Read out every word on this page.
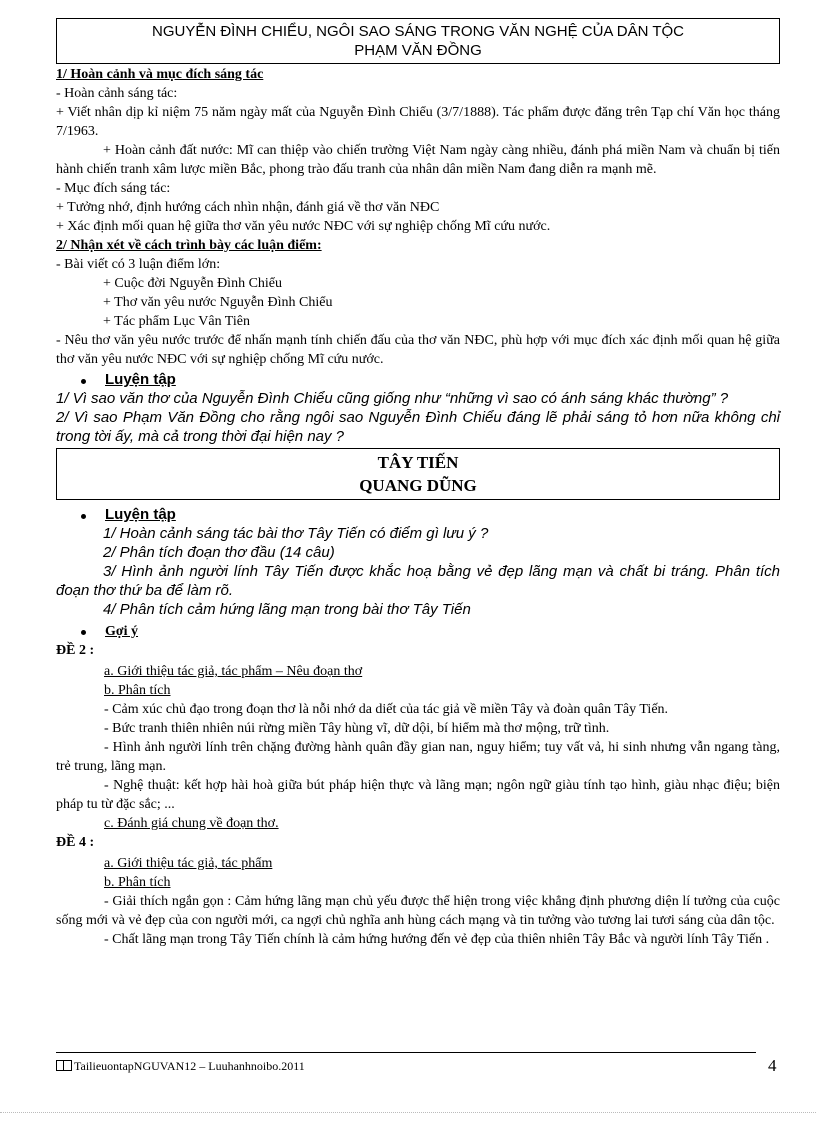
NGUYỄN ĐÌNH CHIỂU, NGÔI SAO SÁNG TRONG VĂN NGHỆ CỦA DÂN TỘC
PHẠM VĂN ĐỒNG
1/ Hoàn cảnh và mục đích sáng tác
- Hoàn cảnh sáng tác:
+ Viết nhân dịp kỉ niệm 75 năm ngày mất của Nguyễn Đình Chiểu (3/7/1888). Tác phẩm được đăng trên Tạp chí Văn học tháng 7/1963.
+ Hoàn cảnh đất nước: Mĩ can thiệp vào chiến trường Việt Nam ngày càng nhiều, đánh phá miền Nam và chuẩn bị tiến hành chiến tranh xâm lược miền Bắc, phong trào đấu tranh của nhân dân miền Nam đang diễn ra mạnh mẽ.
- Mục đích sáng tác:
+ Tưởng nhớ, định hướng cách nhìn nhận, đánh giá về thơ văn NĐC
+ Xác định mối quan hệ giữa thơ văn yêu nước NĐC với sự nghiệp chống Mĩ cứu nước.
2/ Nhận xét về cách trình bày các luận điểm:
- Bài viết có 3 luận điểm lớn:
+ Cuộc đời Nguyễn Đình Chiểu
+ Thơ văn yêu nước Nguyễn Đình Chiểu
+ Tác phẩm Lục Vân Tiên
- Nêu thơ văn yêu nước trước để nhấn mạnh tính chiến đấu của thơ văn NĐC, phù hợp với mục đích xác định mối quan hệ giữa thơ văn yêu nước NĐC với sự nghiệp chống Mĩ cứu nước.
Luyện tập
1/ Vì sao văn thơ của Nguyễn Đình Chiểu cũng giống như “những vì sao có ánh sáng khác thường” ?
2/ Vì sao Phạm Văn Đồng cho rằng ngôi sao Nguyễn Đình Chiểu đáng lẽ phải sáng tỏ hơn nữa không chỉ trong tời ấy, mà cả trong thời đại hiện nay ?
TÂY TIẾN
QUANG DŨNG
Luyện tập
1/ Hoàn cảnh sáng tác bài thơ Tây Tiến có điểm gì lưu ý ?
2/ Phân tích đoạn thơ đầu (14 câu)
3/ Hình ảnh người lính Tây Tiến được khắc hoạ bằng vẻ đẹp lãng mạn và chất bi tráng. Phân tích đoạn thơ thứ ba để làm rõ.
4/ Phân tích cảm hứng lãng mạn trong bài thơ Tây Tiến
Gợi ý
ĐỀ 2 :
a. Giới thiệu tác giả, tác phẩm – Nêu đoạn thơ
b. Phân tích
- Cảm xúc chủ đạo trong đoạn thơ là nỗi nhớ da diết của tác giả về miền Tây và đoàn quân Tây Tiến.
- Bức tranh thiên nhiên núi rừng miền Tây hùng vĩ, dữ dội, bí hiểm mà thơ mộng, trữ tình.
- Hình ảnh người lính trên chặng đường hành quân đầy gian nan, nguy hiểm; tuy vất vả, hi sinh nhưng vẫn ngang tàng, trẻ trung, lãng mạn.
- Nghệ thuật: kết hợp hài hoà giữa bút pháp hiện thực và lãng mạn; ngôn ngữ giàu tính tạo hình, giàu nhạc điệu; biện pháp tu từ đặc sắc; ...
c. Đánh giá chung về đoạn thơ.
ĐỀ 4 :
a. Giới thiệu tác giả, tác phẩm
b. Phân tích
- Giải thích ngắn gọn : Cảm hứng lãng mạn chủ yếu được thể hiện trong việc khẳng định phương diện lí tưởng của cuộc sống mới và vẻ đẹp của con người mới, ca ngợi chủ nghĩa anh hùng cách mạng và tin tưởng vào tương lai tươi sáng của dân tộc.
- Chất lãng mạn trong Tây Tiến chính là cảm hứng hướng đến vẻ đẹp của thiên nhiên Tây Bắc và người lính Tây Tiến .
TailieuontapNGUVAN12 – Luuhanhnoibo.2011	4
